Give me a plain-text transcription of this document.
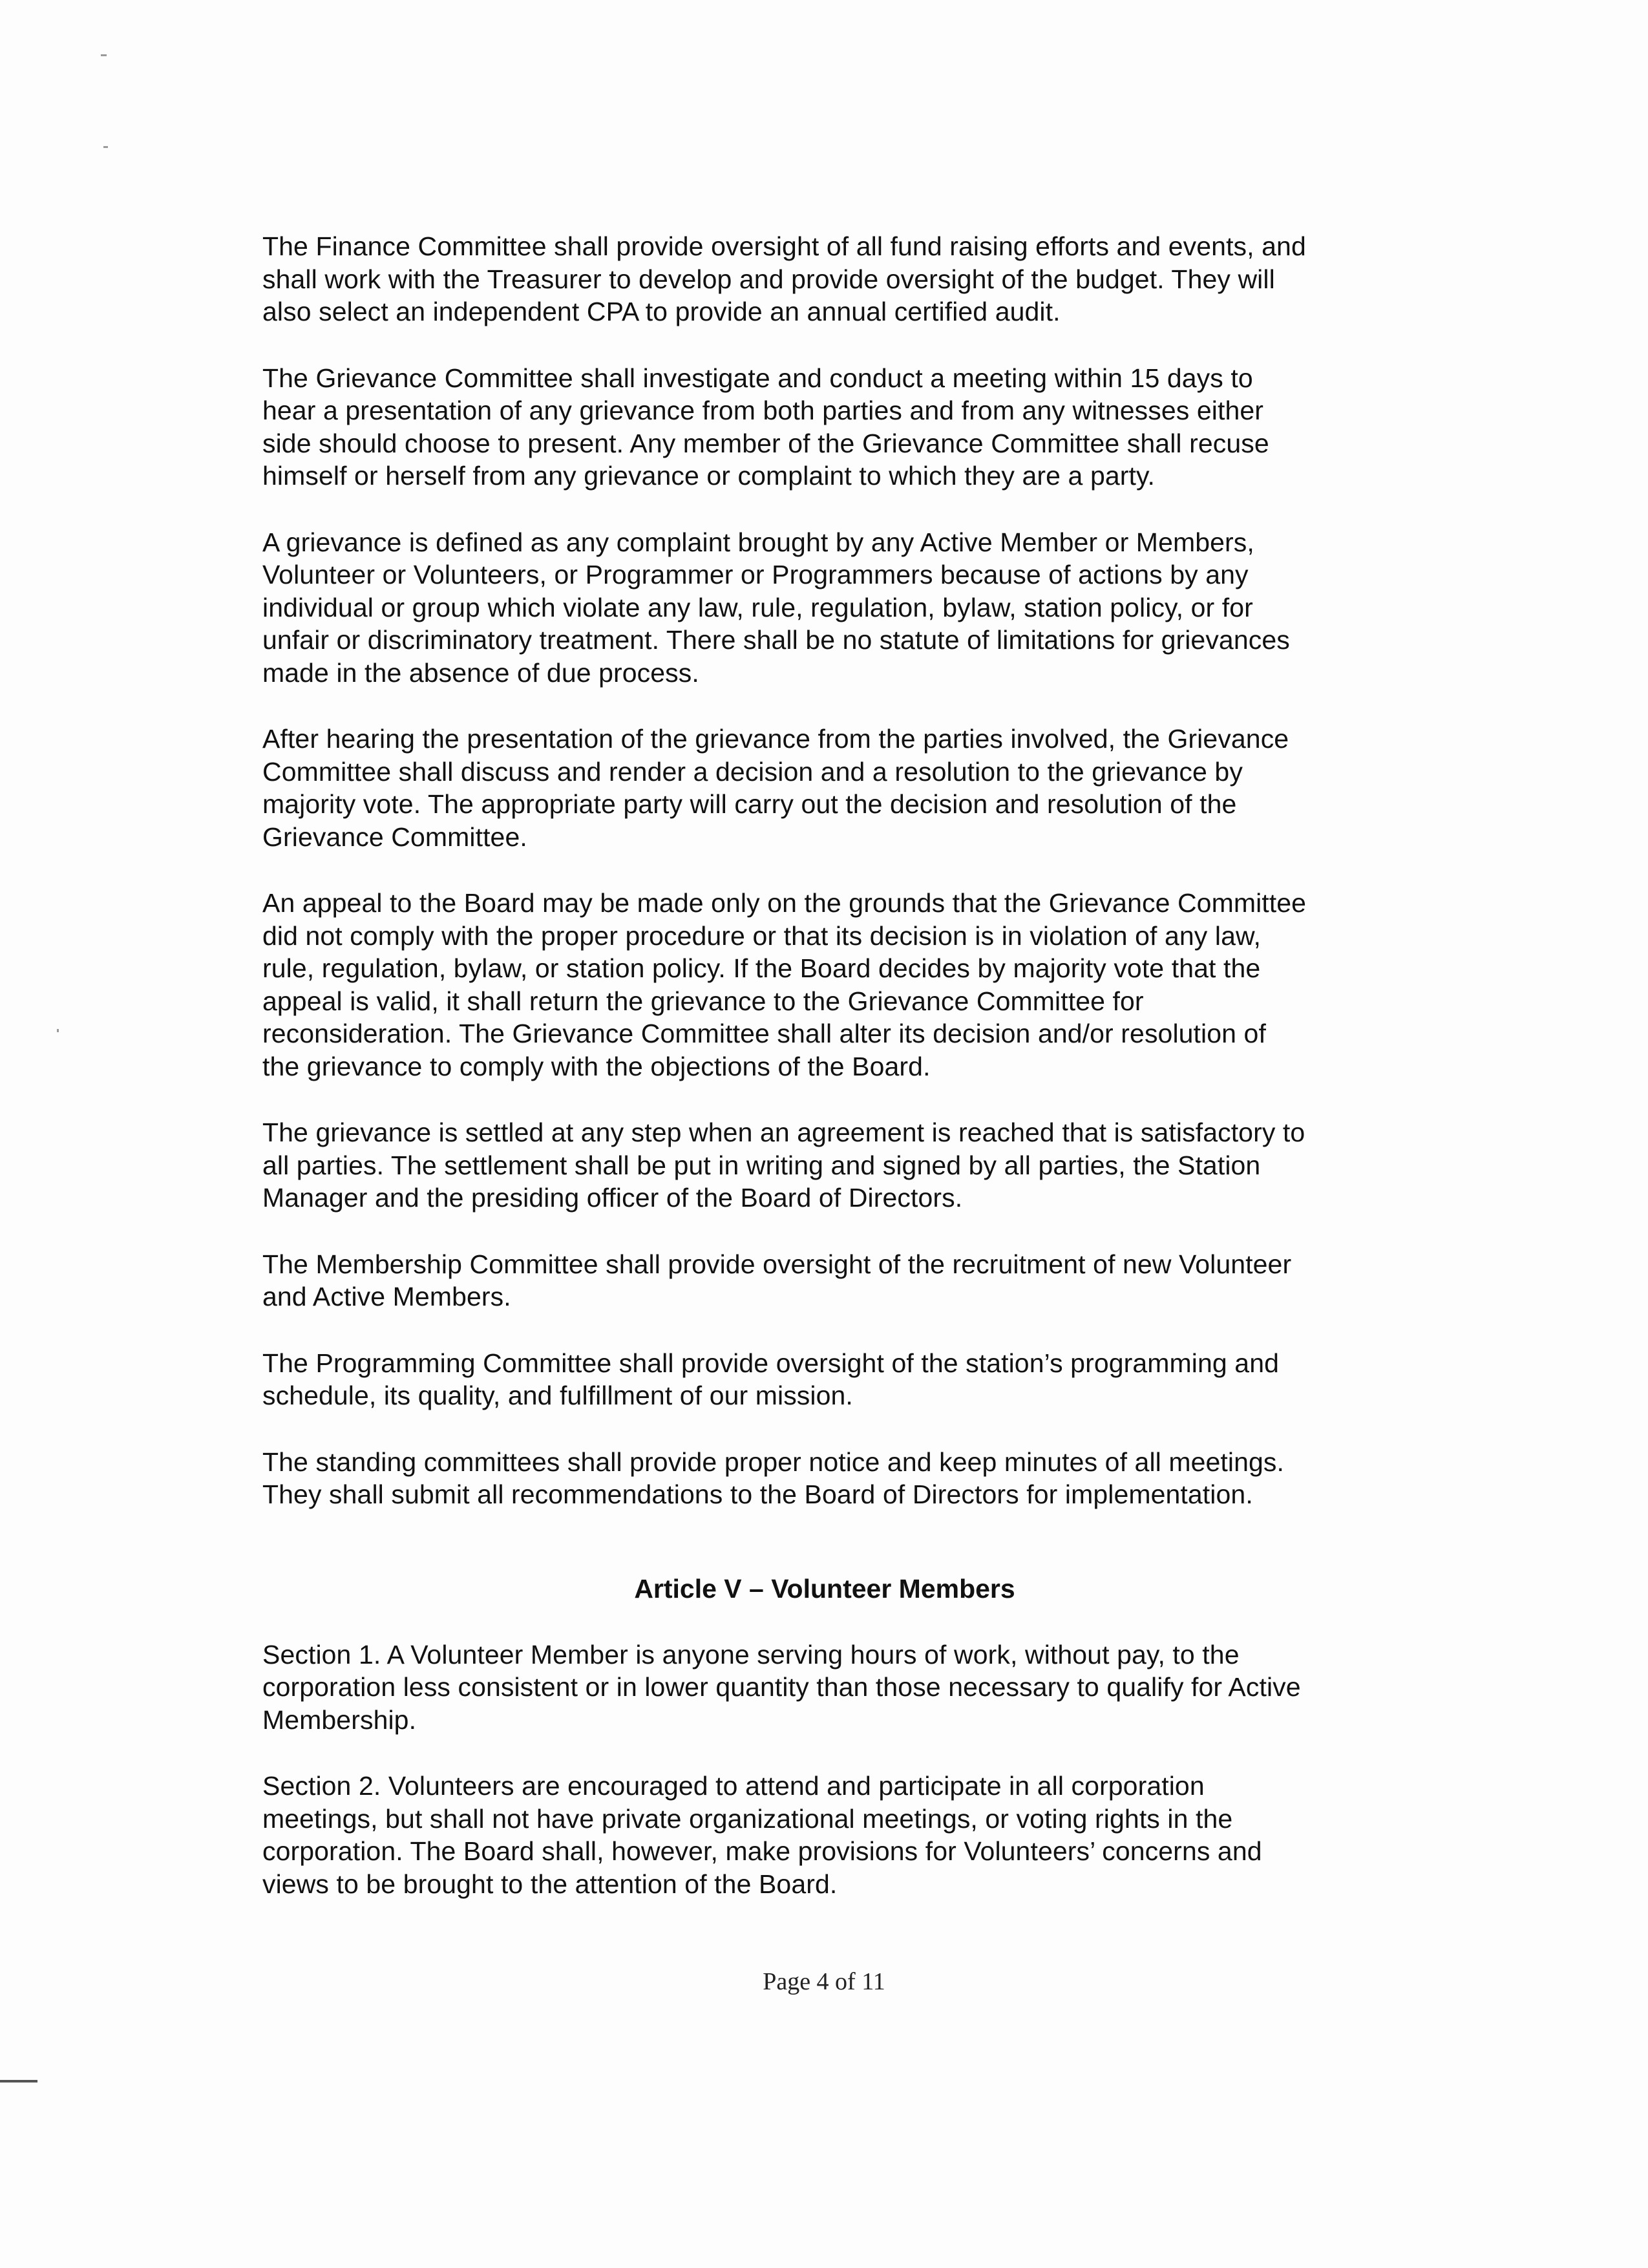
The Finance Committee shall provide oversight of all fund raising efforts and events, and
shall work with the Treasurer to develop and provide oversight of the budget. They will
also select an independent CPA to provide an annual certified audit.

The Grievance Committee shall investigate and conduct a meeting within 15 days to
hear a presentation of any grievance from both parties and from any witnesses either
side should choose to present. Any member of the Grievance Committee shall recuse
himself or herself from any grievance or complaint to which they are a party.

A grievance is defined as any complaint brought by any Active Member or Members,
Volunteer or Volunteers, or Programmer or Programmers because of actions by any
individual or group which violate any law, rule, regulation, bylaw, station policy, or for
unfair or discriminatory treatment. There shall be no statute of limitations for grievances
made in the absence of due process.

After hearing the presentation of the grievance from the parties involved, the Grievance
Committee shall discuss and render a decision and a resolution to the grievance by
majority vote. The appropriate party will carry out the decision and resolution of the
Grievance Committee.

An appeal to the Board may be made only on the grounds that the Grievance Committee
did not comply with the proper procedure or that its decision is in violation of any law,
rule, regulation, bylaw, or station policy. If the Board decides by majority vote that the
appeal is valid, it shall return the grievance to the Grievance Committee for
reconsideration. The Grievance Committee shall alter its decision and/or resolution of
the grievance to comply with the objections of the Board.

The grievance is settled at any step when an agreement is reached that is satisfactory to
all parties. The settlement shall be put in writing and signed by all parties, the Station
Manager and the presiding officer of the Board of Directors.

The Membership Committee shall provide oversight of the recruitment of new Volunteer
and Active Members.

The Programming Committee shall provide oversight of the station’s programming and
schedule, its quality, and fulfillment of our mission.

The standing committees shall provide proper notice and keep minutes of all meetings.
They shall submit all recommendations to the Board of Directors for implementation.

Article V – Volunteer Members

Section 1. A Volunteer Member is anyone serving hours of work, without pay, to the
corporation less consistent or in lower quantity than those necessary to qualify for Active
Membership.

Section 2. Volunteers are encouraged to attend and participate in all corporation
meetings, but shall not have private organizational meetings, or voting rights in the
corporation. The Board shall, however, make provisions for Volunteers’ concerns and
views to be brought to the attention of the Board.

Page 4 of 11
